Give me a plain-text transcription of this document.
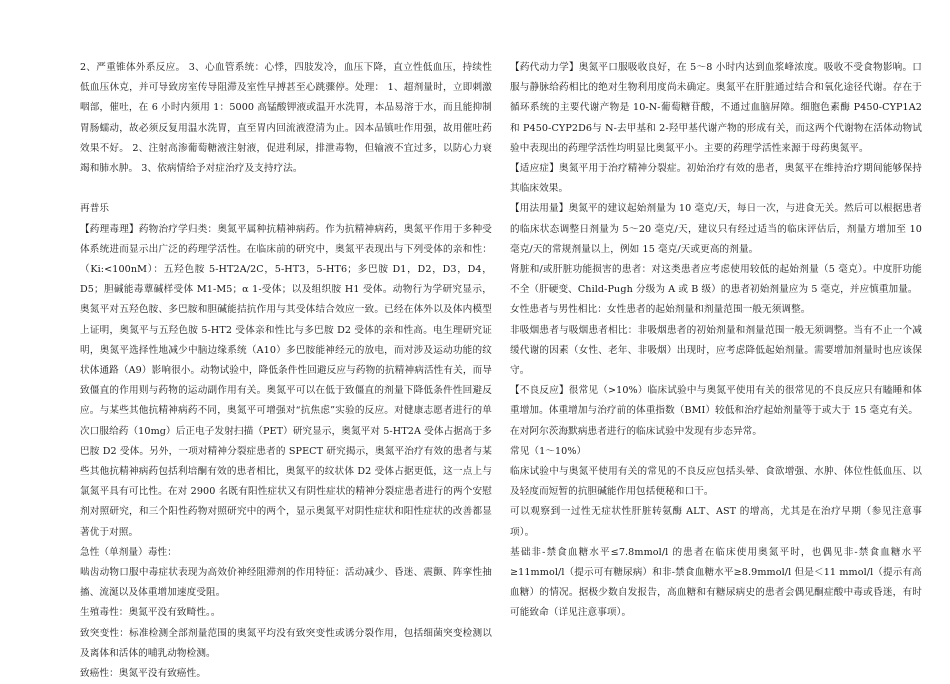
2、严重锥体外系反应。 3、心血管系统：心悸，四肢发冷，血压下降，直立性低血压，持续性低血压休克，并可导致房室传导阻滞及室性早搏甚至心跳骤停。处理： 1、超剂量时，立即刺激咽部，催吐，在 6 小时内须用 1：5000 高锰酸钾液或温开水洗胃，本品易溶于水，而且能抑制胃肠蠕动，故必须反复用温水洗胃，直至胃内回流液澄清为止。因本品镇吐作用强，故用催吐药效果不好。 2、注射高渗葡萄糖液注射液，促进利尿，排泄毒物，但输液不宜过多，以防心力衰竭和肺水肿。 3、依病情给予对症治疗及支持疗法。

再普乐

【药理毒理】药物治疗学归类：奥氮平属种抗精神病药。作为抗精神病药，奥氮平作用于多种受体系统进而显示出广泛的药理学活性。在临床前的研究中，奥氮平表现出与下列受体的亲和性：（Ki:<100nM）：五羟色胺 5-HT2A/2C，5-HT3，5-HT6；多巴胺 D1，D2，D3，D4，D5；胆碱能毒蕈碱样受体 M1-M5；α 1-受体；以及组织胺 H1 受体。动物行为学研究显示，奥氮平对五羟色胺、多巴胺和胆碱能拮抗作用与其受体结合效应一致。已经在体外以及体内模型上证明，奥氮平与五羟色胺 5-HT2 受体亲和性比与多巴胺 D2 受体的亲和性高。电生理研究证明，奥氮平选择性地减少中脑边缘系统（A10）多巴胺能神经元的放电，而对涉及运动功能的纹状体通路（A9）影响很小。动物试验中，降低条件性回避反应与药物的抗精神病活性有关，而导致僵直的作用则与药物的运动副作用有关。奥氮平可以在低于致僵直的剂量下降低条件性回避反应。与某些其他抗精神病药不同，奥氮平可增强对“抗焦虑”实验的反应。对健康志愿者进行的单次口服给药（10mg）后正电子发射扫描（PET）研究显示，奥氮平对 5-HT2A 受体占据高于多巴胺 D2 受体。另外，一项对精神分裂症患者的 SPECT 研究揭示，奥氮平治疗有效的患者与某些其他抗精神病药包括利培酮有效的患者相比，奥氮平的纹状体 D2 受体占据更低，这一点上与氯氮平具有可比性。在对 2900 名既有阳性症状又有阴性症状的精神分裂症患者进行的两个安慰剂对照研究，和三个阳性药物对照研究中的两个，显示奥氮平对阴性症状和阳性症状的改善都显著优于对照。

急性（单剂量）毒性：

啮齿动物口服中毒症状表现为高效价神经阻滞剂的作用特征：活动减少、昏迷、震颤、阵挛性抽搐、流涎以及体重增加速度受阻。

生殖毒性：奥氮平没有致畸性。。

致突变性：标准检测全部剂量范围的奥氮平均没有致突变性或诱分裂作用，包括细菌突变检测以及离体和活体的哺乳动物检测。

致癌性：奥氮平没有致癌性。

【药代动力学】奥氮平口服吸收良好，在 5～8 小时内达到血浆峰浓度。吸收不受食物影响。口服与静脉给药相比的绝对生物利用度尚未确定。奥氮平在肝脏通过结合和氧化途径代谢。存在于循环系统的主要代谢产物是 10-N-葡萄糖苷酸，不通过血脑屏障。细胞色素酶 P450-CYP1A2和 P450-CYP2D6与 N-去甲基和 2-羟甲基代谢产物的形成有关，而这两个代谢物在活体动物试验中表现出的药理学活性均明显比奥氮平小。主要的药理学活性来源于母药奥氮平。

【适应症】奥氮平用于治疗精神分裂症。初始治疗有效的患者，奥氮平在维持治疗期间能够保持其临床效果。

【用法用量】奥氮平的建议起始剂量为 10 毫克/天，每日一次，与进食无关。然后可以根据患者的临床状态调整日剂量为 5～20 毫克/天，建议只有经过适当的临床评估后，剂量方增加至 10 毫克/天的常规剂量以上，例如 15 毫克/天或更高的剂量。

肾脏和/或肝脏功能损害的患者：对这类患者应考虑使用较低的起始剂量（5 毫克）。中度肝功能不全（肝硬变、Child-Pugh 分级为 A 或 B 级）的患者初始剂量应为 5 毫克，并应慎重加量。

女性患者与男性相比：女性患者的起始剂量和剂量范围一般无须调整。

非吸烟患者与吸烟患者相比：非吸烟患者的初始剂量和剂量范围一般无须调整。当有不止一个减缓代谢的因素（女性、老年、非吸烟）出现时，应考虑降低起始剂量。需要增加剂量时也应该保守。

【不良反应】很常见（>10%）临床试验中与奥氮平使用有关的很常见的不良反应只有瞌睡和体重增加。体重增加与治疗前的体重指数（BMI）较低和治疗起始剂量等于或大于 15 毫克有关。

在对阿尔茨海默病患者进行的临床试验中发现有步态异常。

常见（1～10%）

临床试验中与奥氮平使用有关的常见的不良反应包括头晕、食欲增强、水肿、体位性低血压、以及轻度而短暂的抗胆碱能作用包括便秘和口干。

可以观察到一过性无症状性肝脏转氨酶 ALT、AST 的增高，尤其是在治疗早期（参见注意事项）。

基础非-禁食血糖水平≤7.8mmol/l 的患者在临床使用奥氮平时，也偶见非-禁食血糖水平≥11mmol/l（提示可有糖尿病）和非-禁食血糖水平≥8.9mmol/l 但是＜11 mmol/l（提示有高血糖）的情况。据极少数自发报告，高血糖和有糖尿病史的患者会偶见酮症酸中毒或昏迷，有时可能致命（详见注意事项）。
